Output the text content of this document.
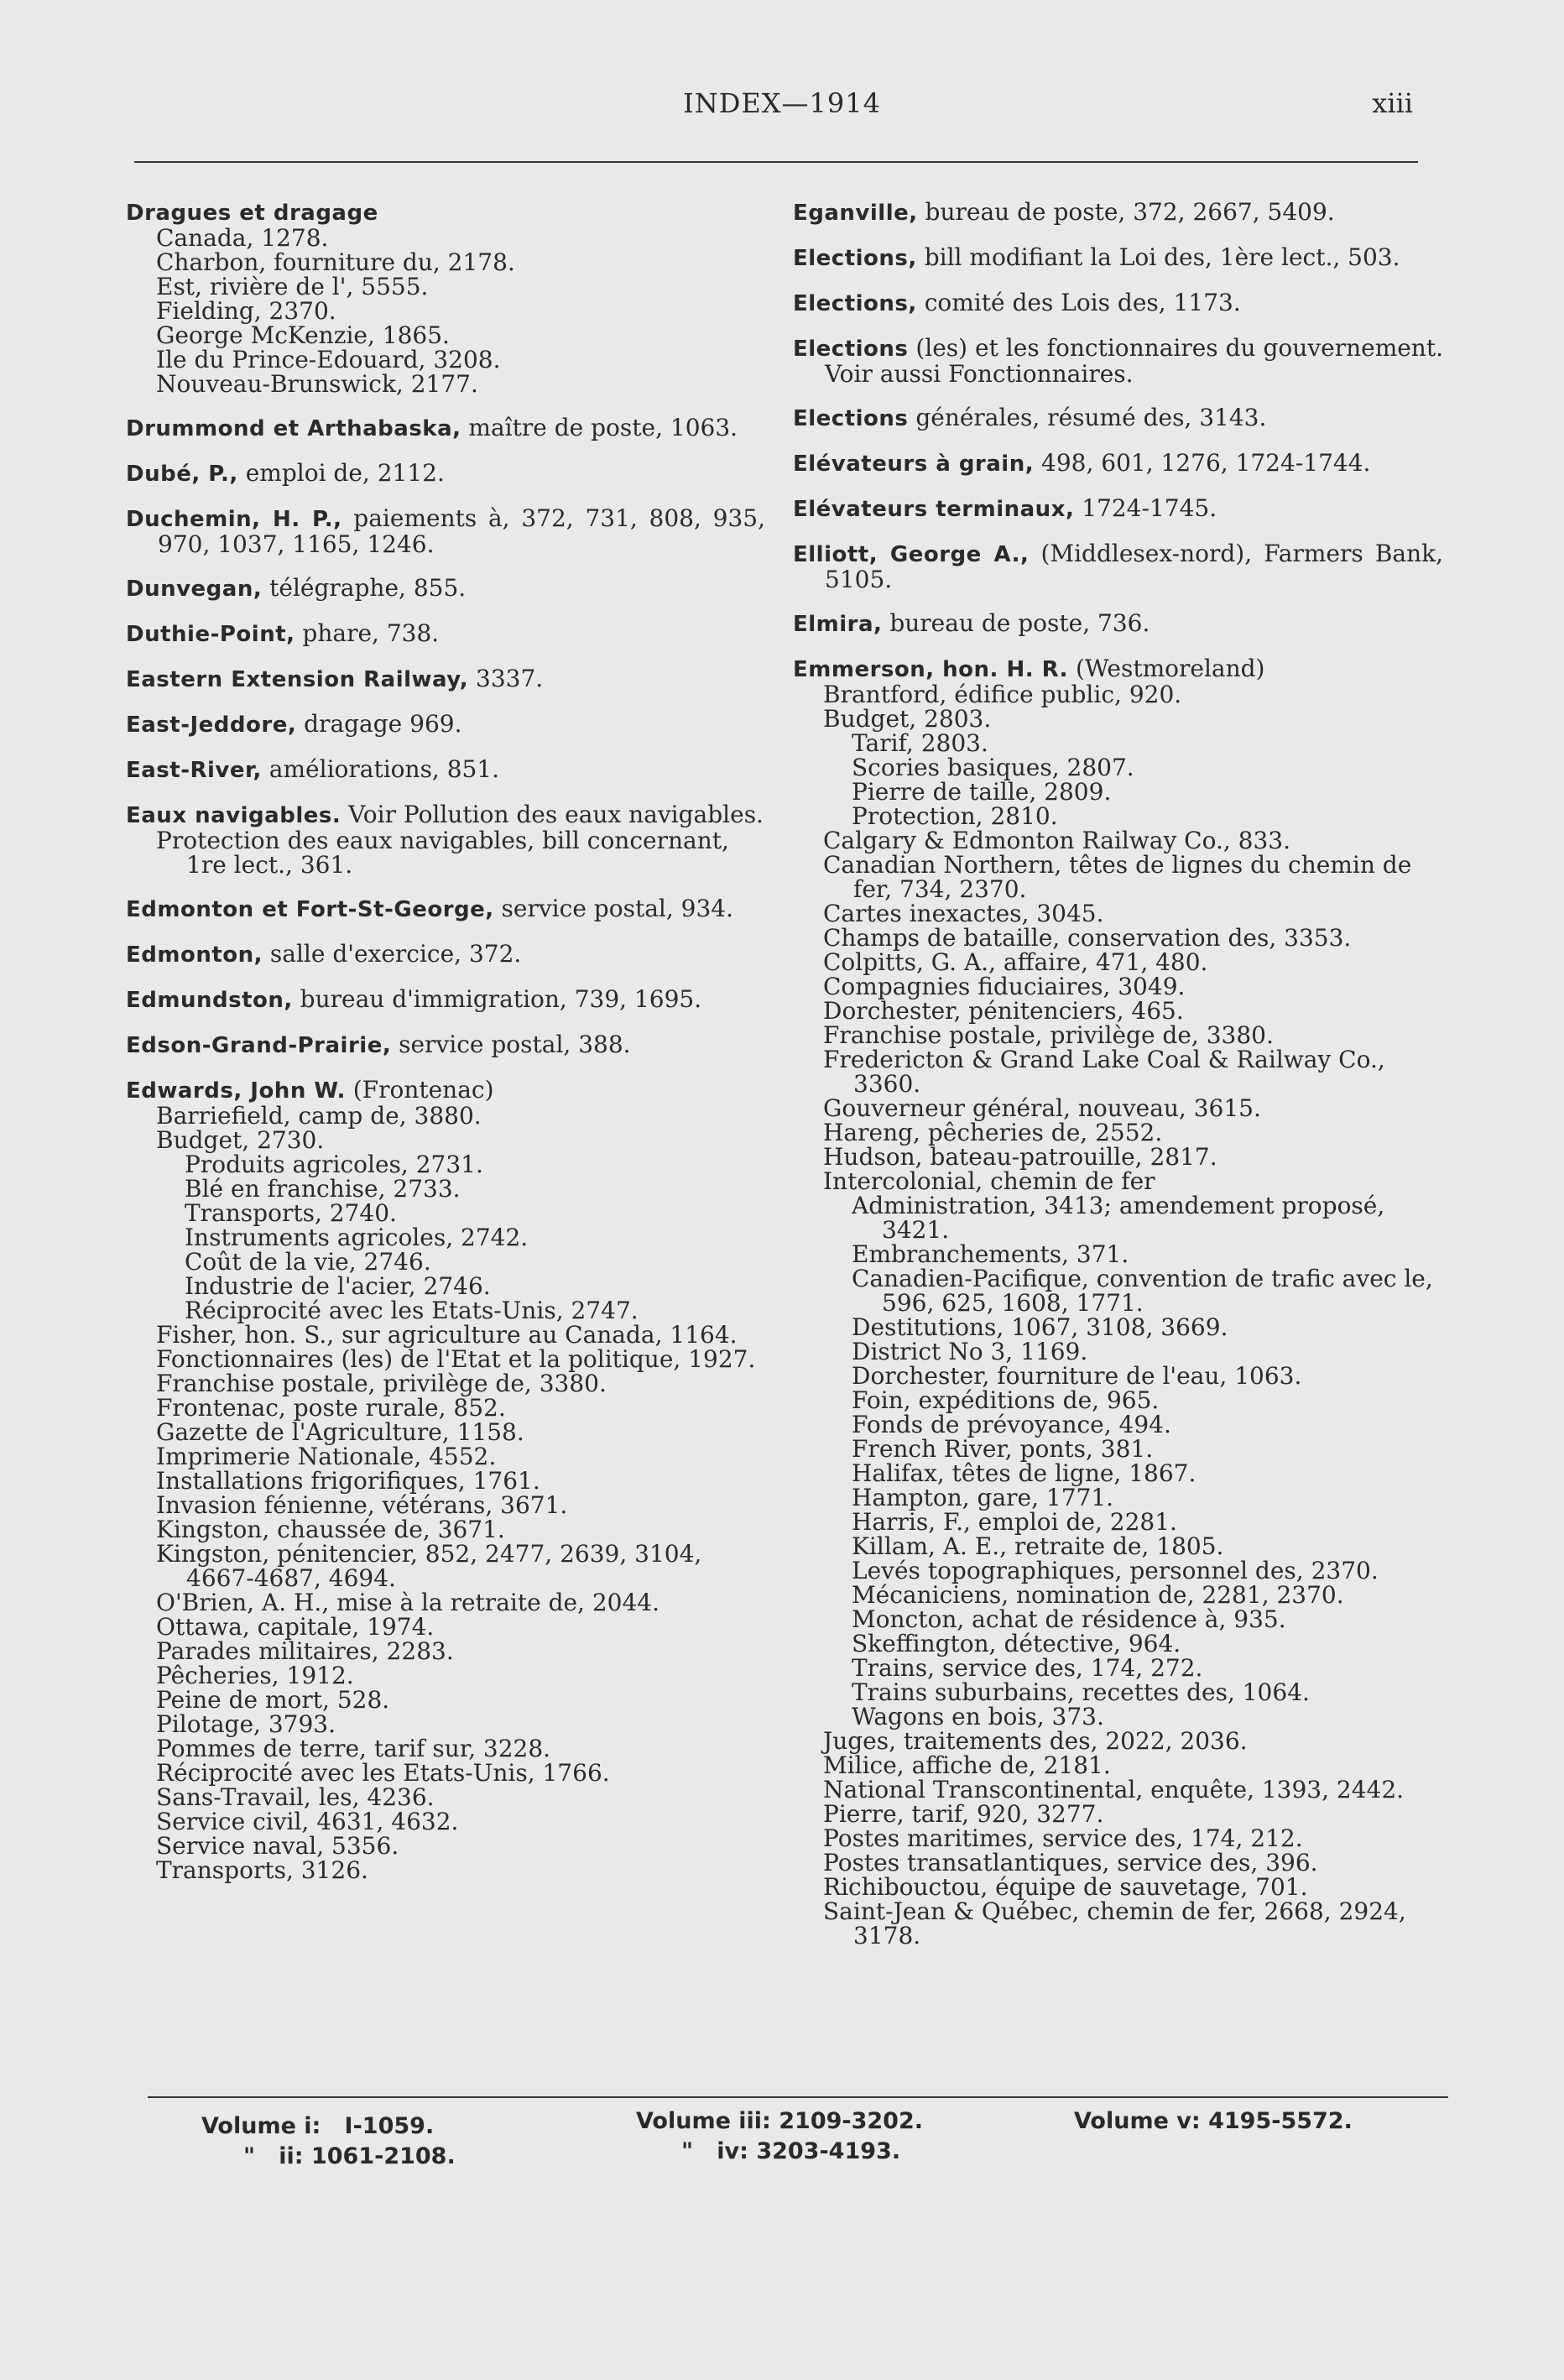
INDEX—1914	xiii
Dragues et dragage
Canada, 1278.
Charbon, fourniture du, 2178.
Est, rivière de l', 5555.
Fielding, 2370.
George McKenzie, 1865.
Ile du Prince-Edouard, 3208.
Nouveau-Brunswick, 2177.
Drummond et Arthabaska, maître de poste, 1063.
Dubé, P., emploi de, 2112.
Duchemin, H. P., paiements à, 372, 731, 808, 935, 970, 1037, 1165, 1246.
Dunvegan, télégraphe, 855.
Duthie-Point, phare, 738.
Eastern Extension Railway, 3337.
East-Jeddore, dragage 969.
East-River, améliorations, 851.
Eaux navigables. Voir Pollution des eaux navigables.
Protection des eaux navigables, bill concernant, 1re lect., 361.
Edmonton et Fort-St-George, service postal, 934.
Edmonton, salle d'exercice, 372.
Edmundston, bureau d'immigration, 739, 1695.
Edson-Grand-Prairie, service postal, 388.
Edwards, John W. (Frontenac)
Barriefield, camp de, 3880.
Budget, 2730.
Produits agricoles, 2731.
Blé en franchise, 2733.
Transports, 2740.
Instruments agricoles, 2742.
Coût de la vie, 2746.
Industrie de l'acier, 2746.
Réciprocité avec les Etats-Unis, 2747.
Fisher, hon. S., sur agriculture au Canada, 1164.
Fonctionnaires (les) de l'Etat et la politique, 1927.
Franchise postale, privilège de, 3380.
Frontenac, poste rurale, 852.
Gazette de l'Agriculture, 1158.
Imprimerie Nationale, 4552.
Installations frigorifiques, 1761.
Invasion fénienne, vétérans, 3671.
Kingston, chaussée de, 3671.
Kingston, pénitencier, 852, 2477, 2639, 3104, 4667-4687, 4694.
O'Brien, A. H., mise à la retraite de, 2044.
Ottawa, capitale, 1974.
Parades militaires, 2283.
Pêcheries, 1912.
Peine de mort, 528.
Pilotage, 3793.
Pommes de terre, tarif sur, 3228.
Réciprocité avec les Etats-Unis, 1766.
Sans-Travail, les, 4236.
Service civil, 4631, 4632.
Service naval, 5356.
Transports, 3126.
Eganville, bureau de poste, 372, 2667, 5409.
Elections, bill modifiant la Loi des, 1ère lect., 503.
Elections, comité des Lois des, 1173.
Elections (les) et les fonctionnaires du gouvernement. Voir aussi Fonctionnaires.
Elections générales, résumé des, 3143.
Elévateurs à grain, 498, 601, 1276, 1724-1744.
Elévateurs terminaux, 1724-1745.
Elliott, George A., (Middlesex-nord), Farmers Bank, 5105.
Elmira, bureau de poste, 736.
Emmerson, hon. H. R. (Westmoreland)
Brantford, édifice public, 920.
Budget, 2803.
Tarif, 2803.
Scories basiques, 2807.
Pierre de taille, 2809.
Protection, 2810.
Calgary & Edmonton Railway Co., 833.
Canadian Northern, têtes de lignes du chemin de fer, 734, 2370.
Cartes inexactes, 3045.
Champs de bataille, conservation des, 3353.
Colpitts, G. A., affaire, 471, 480.
Compagnies fiduciaires, 3049.
Dorchester, pénitenciers, 465.
Franchise postale, privilège de, 3380.
Fredericton & Grand Lake Coal & Railway Co., 3360.
Gouverneur général, nouveau, 3615.
Hareng, pêcheries de, 2552.
Hudson, bateau-patrouille, 2817.
Intercolonial, chemin de fer
Administration, 3413; amendement proposé, 3421.
Embranchements, 371.
Canadien-Pacifique, convention de trafic avec le, 596, 625, 1608, 1771.
Destitutions, 1067, 3108, 3669.
District No 3, 1169.
Dorchester, fourniture de l'eau, 1063.
Foin, expéditions de, 965.
Fonds de prévoyance, 494.
French River, ponts, 381.
Halifax, têtes de ligne, 1867.
Hampton, gare, 1771.
Harris, F., emploi de, 2281.
Killam, A. E., retraite de, 1805.
Levés topographiques, personnel des, 2370.
Mécaniciens, nomination de, 2281, 2370.
Moncton, achat de résidence à, 935.
Skeffington, détective, 964.
Trains, service des, 174, 272.
Trains suburbains, recettes des, 1064.
Wagons en bois, 373.
Juges, traitements des, 2022, 2036.
Milice, affiche de, 2181.
National Transcontinental, enquête, 1393, 2442.
Pierre, tarif, 920, 3277.
Postes maritimes, service des, 174, 212.
Postes transatlantiques, service des, 396.
Richibouctou, équipe de sauvetage, 701.
Saint-Jean & Québec, chemin de fer, 2668, 2924, 3178.
Volume i:   I-1059.
"   ii: 1061-2108.
Volume iii: 2109-3202.
"   iv: 3203-4193.
Volume v: 4195-5572.
